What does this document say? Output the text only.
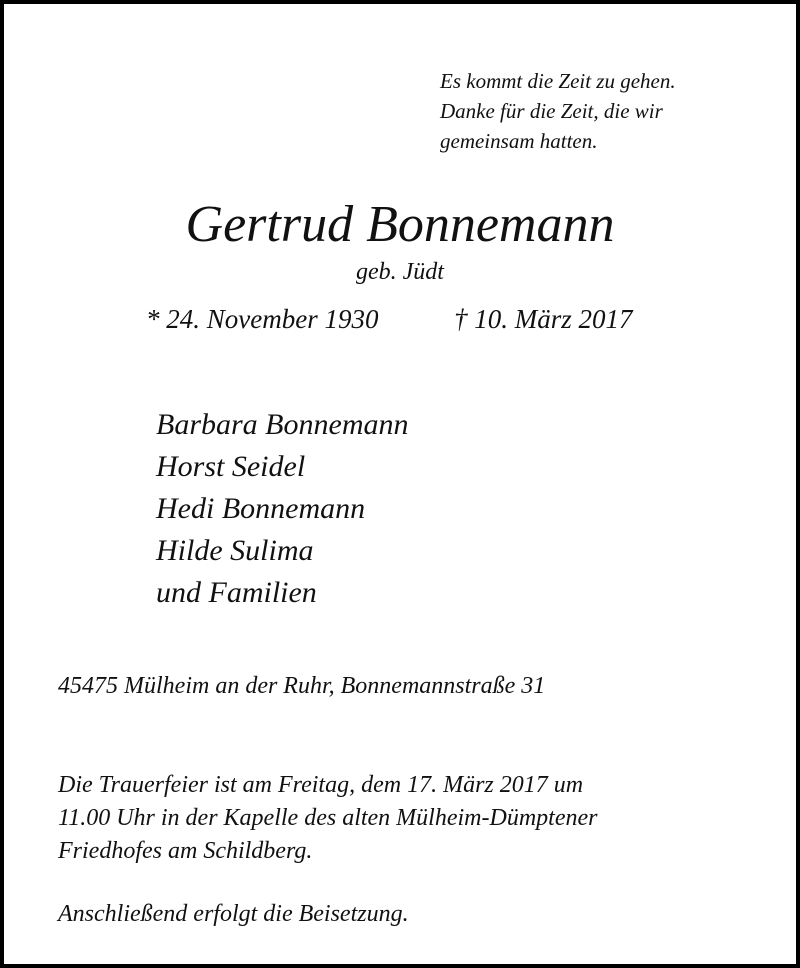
Es kommt die Zeit zu gehen.
Danke für die Zeit, die wir
gemeinsam hatten.
Gertrud Bonnemann
geb. Jüdt
* 24. November 1930	† 10. März 2017
Barbara Bonnemann
Horst Seidel
Hedi Bonnemann
Hilde Sulima
und Familien
45475 Mülheim an der Ruhr, Bonnemannstraße 31
Die Trauerfeier ist am Freitag, dem 17. März 2017 um
11.00 Uhr in der Kapelle des alten Mülheim-Dümptener
Friedhofes am Schildberg.
Anschließend erfolgt die Beisetzung.
